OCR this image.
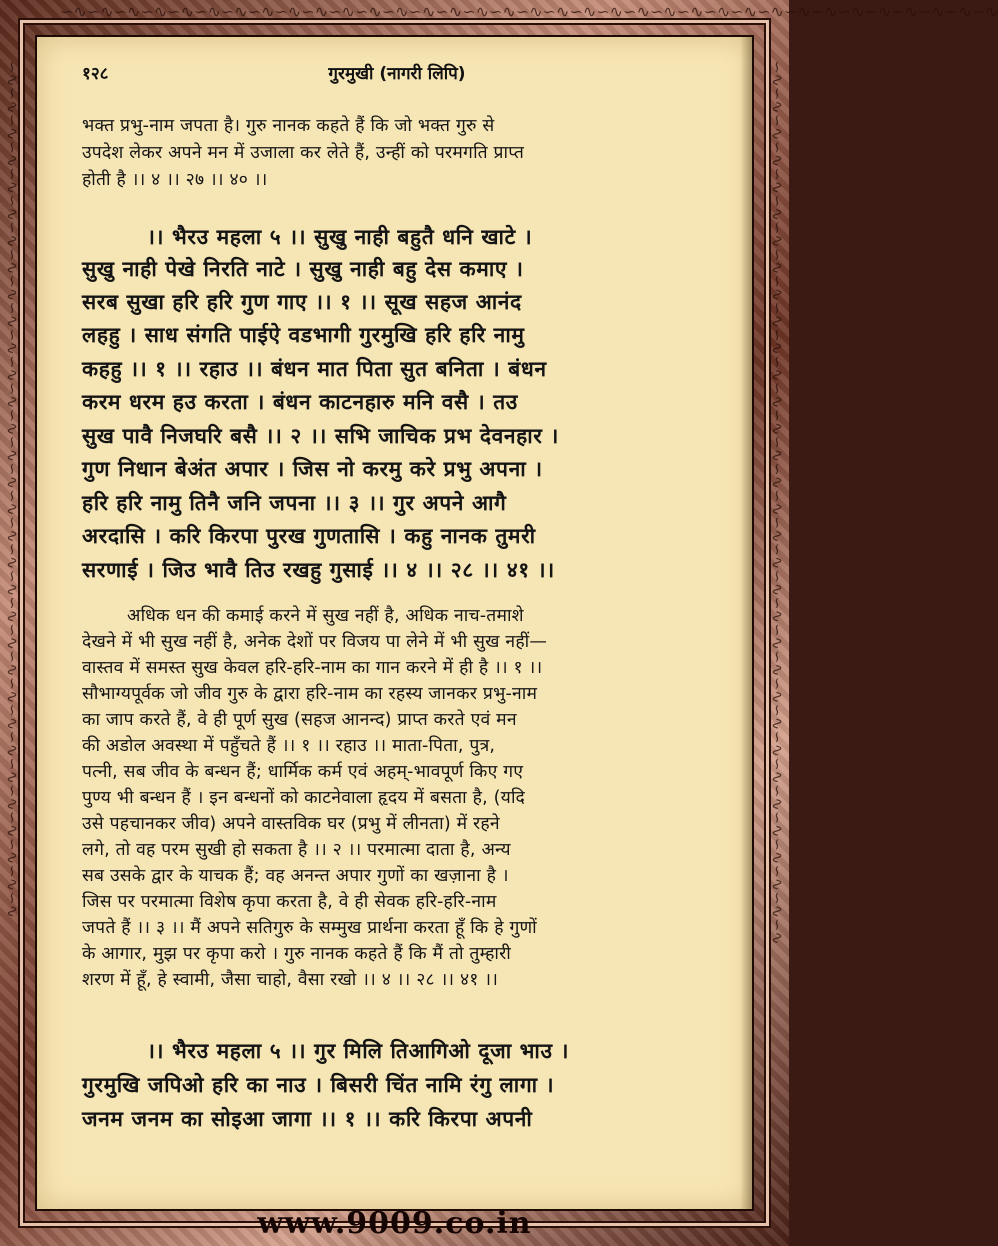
∽∿∽∿∽∿∽∿∽∿∽∿∽∿∽∿∽∿∽∿∽∿∽∿∽∿∽∿∽∿∽∿∽∿∽∿∽∿∽∿∽∿∽∿∽∿∽∿∽∿∽∿∽∿∽∿∽∿∽∿∽∿∽∿	∽∿∽∿∽∿∽∿∽∿∽∿∽∿∽∿∽∿∽∿∽∿∽∿∽∿∽∿∽∿∽∿∽∿∽∿∽∿∽∿∽∿∽∿∽∿∽∿∽∿∽∿∽∿∽∿∽∿∽∿∽∿∽∿∽∿
∽∿∽∿∽∿∽∿∽∿∽∿∽∿∽∿∽∿∽∿∽∿∽∿∽∿∽∿∽∿∽∿∽∿∽∿∽∿∽∿∽∿∽∿∽∿∽∿∽∿∽∿∽∿∽∿∽∿∽∿∽∿∽∿∽∿∽∿∽∿
१२८	गुरमुखी (नागरी लिपि)
भक्त प्रभु-नाम जपता है। गुरु नानक कहते हैं कि जो भक्त गुरु से
उपदेश लेकर अपने मन में उजाला कर लेते हैं, उन्हीं को परमगति प्राप्त
होती है ।। ४ ।। २७ ।। ४० ।।
।। भैरउ महला ५ ।। सुखु नाही बहुतै धनि खाटे ।
सुखु नाही पेखे निरति नाटे । सुखु नाही बहु देस कमाए ।
सरब सुखा हरि हरि गुण गाए ।। १ ।। सूख सहज आनंद
लहहु । साध संगति पाईऐ वडभागी गुरमुखि हरि हरि नामु
कहहु ।। १ ।। रहाउ ।। बंधन मात पिता सुत बनिता । बंधन
करम धरम हउ करता । बंधन काटनहारु मनि वसै । तउ
सुख पावै निजघरि बसै ।। २ ।। सभि जाचिक प्रभ देवनहार ।
गुण निधान बेअंत अपार । जिस नो करमु करे प्रभु अपना ।
हरि हरि नामु तिनै जनि जपना ।। ३ ।। गुर अपने आगै
अरदासि । करि किरपा पुरख गुणतासि । कहु नानक तुमरी
सरणाई । जिउ भावै तिउ रखहु गुसाई ।। ४ ।। २८ ।। ४१ ।।
अधिक धन की कमाई करने में सुख नहीं है, अधिक नाच-तमाशे
देखने में भी सुख नहीं है, अनेक देशों पर विजय पा लेने में भी सुख नहीं—
वास्तव में समस्त सुख केवल हरि-हरि-नाम का गान करने में ही है ।। १ ।।
सौभाग्यपूर्वक जो जीव गुरु के द्वारा हरि-नाम का रहस्य जानकर प्रभु-नाम
का जाप करते हैं, वे ही पूर्ण सुख (सहज आनन्द) प्राप्त करते एवं मन
की अडोल अवस्था में पहुँचते हैं ।। १ ।। रहाउ ।। माता-पिता, पुत्र,
पत्नी, सब जीव के बन्धन हैं; धार्मिक कर्म एवं अहम्-भावपूर्ण किए गए
पुण्य भी बन्धन हैं । इन बन्धनों को काटनेवाला हृदय में बसता है, (यदि
उसे पहचानकर जीव) अपने वास्तविक घर (प्रभु में लीनता) में रहने
लगे, तो वह परम सुखी हो सकता है ।। २ ।। परमात्मा दाता है, अन्य
सब उसके द्वार के याचक हैं; वह अनन्त अपार गुणों का खज़ाना है ।
जिस पर परमात्मा विशेष कृपा करता है, वे ही सेवक हरि-हरि-नाम
जपते हैं ।। ३ ।। मैं अपने सतिगुरु के सम्मुख प्रार्थना करता हूँ कि हे गुणों
के आगार, मुझ पर कृपा करो । गुरु नानक कहते हैं कि मैं तो तुम्हारी
शरण में हूँ, हे स्वामी, जैसा चाहो, वैसा रखो ।। ४ ।। २८ ।। ४१ ।।
।। भैरउ महला ५ ।। गुर मिलि तिआगिओ दूजा भाउ ।
गुरमुखि जपिओ हरि का नाउ । बिसरी चिंत नामि रंगु लागा ।
जनम जनम का सोइआ जागा ।। १ ।। करि किरपा अपनी
www.9009.co.in
